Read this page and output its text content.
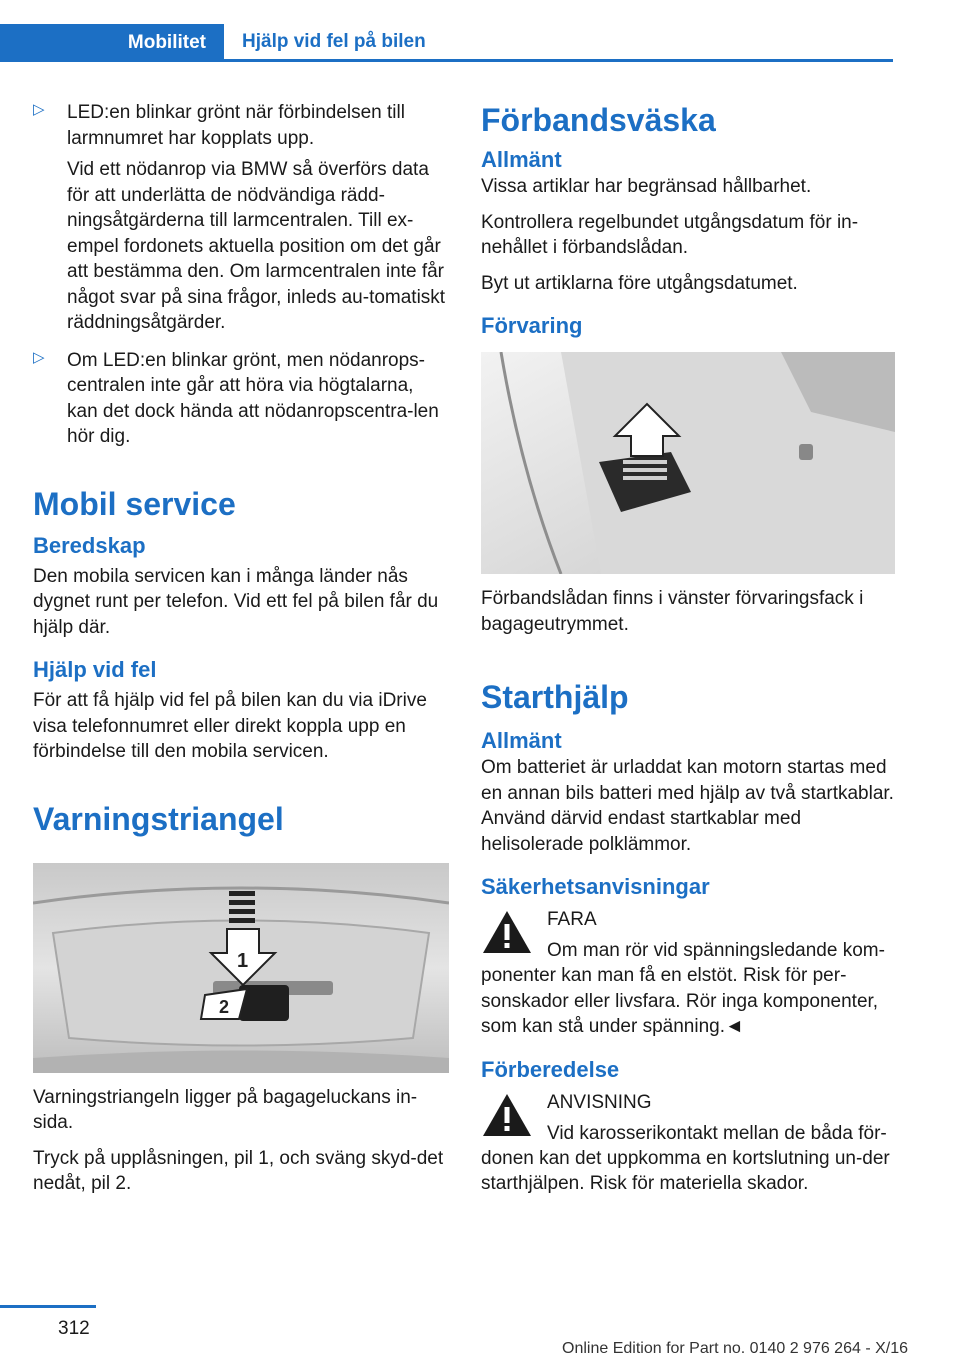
Mobilitet	Hjälp vid fel på bilen
▷ LED:en blinkar grönt när förbindelsen till larmnumret har kopplats upp.

Vid ett nödanrop via BMW så överförs data för att underlätta de nödvändiga rädd-ningsåtgärderna till larmcentralen. Till ex-empel fordonets aktuella position om det går att bestämma den. Om larmcentralen inte får något svar på sina frågor, inleds au-tomatiskt räddningsåtgärder.

▷ Om LED:en blinkar grönt, men nödanrops-centralen inte går att höra via högtalarna, kan det dock hända att nödanropscentra-len hör dig.

Mobil service
Beredskap

Den mobila servicen kan i många länder nås dygnet runt per telefon. Vid ett fel på bilen får du hjälp där.

Hjälp vid fel

För att få hjälp vid fel på bilen kan du via iDrive visa telefonnumret eller direkt koppla upp en förbindelse till den mobila servicen.

Varningstriangel
1
2

Varningstriangeln ligger på bagageluckans in-sida.

Tryck på upplåsningen, pil 1, och sväng skyd-det nedåt, pil 2.

Förbandsväska
Allmänt

Vissa artiklar har begränsad hållbarhet.

Kontrollera regelbundet utgångsdatum för in-nehållet i förbandslådan.

Byt ut artiklarna före utgångsdatumet.

Förvaring

Förbandslådan finns i vänster förvaringsfack i bagageutrymmet.

Starthjälp
Allmänt

Om batteriet är urladdat kan motorn startas med en annan bils batteri med hjälp av två startkablar. Använd därvid endast startkablar med helisolerade polklämmor.

Säkerhetsanvisningar
FARA
Om man rör vid spänningsledande kom-

ponenter kan man få en elstöt. Risk för per-sonskador eller livsfara. Rör inga komponenter, som kan stå under spänning.◄

Förberedelse
ANVISNING
Vid karosserikontakt mellan de båda för-

donen kan det uppkomma en kortslutning un-der starthjälpen. Risk för materiella skador.

312
Online Edition for Part no. 0140 2 976 264 - X/16
